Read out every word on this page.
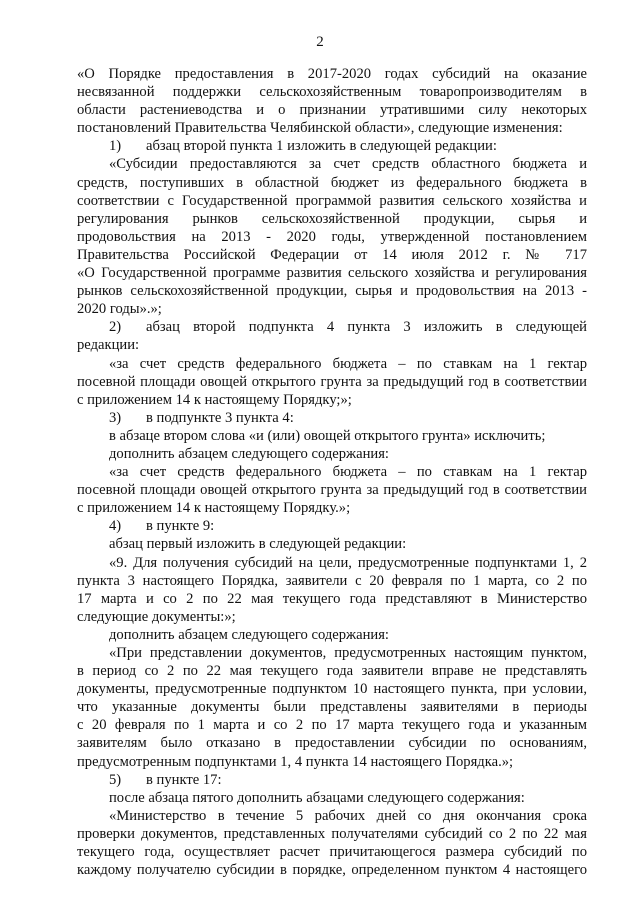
2
«О Порядке предоставления в 2017-2020 годах субсидий на оказание
несвязанной поддержки сельскохозяйственным товаропроизводителям в
области растениеводства и о признании утратившими силу некоторых
постановлений Правительства Челябинской области», следующие изменения:
1) абзац второй пункта 1 изложить в следующей редакции:
«Субсидии предоставляются за счет средств областного бюджета и
средств, поступивших в областной бюджет из федерального бюджета в
соответствии с Государственной программой развития сельского хозяйства и
регулирования рынков сельскохозяйственной продукции, сырья и
продовольствия на 2013 - 2020 годы, утвержденной постановлением
Правительства Российской Федерации от 14 июля 2012 г. № 717
«О Государственной программе развития сельского хозяйства и регулирования
рынков сельскохозяйственной продукции, сырья и продовольствия на 2013 -
2020 годы».»;
2) абзац второй подпункта 4 пункта 3 изложить в следующей
редакции:
«за счет средств федерального бюджета – по ставкам на 1 гектар
посевной площади овощей открытого грунта за предыдущий год в соответствии
с приложением 14 к настоящему Порядку;»;
3) в подпункте 3 пункта 4:
в абзаце втором слова «и (или) овощей открытого грунта» исключить;
дополнить абзацем следующего содержания:
«за счет средств федерального бюджета – по ставкам на 1 гектар
посевной площади овощей открытого грунта за предыдущий год в соответствии
с приложением 14 к настоящему Порядку.»;
4) в пункте 9:
абзац первый изложить в следующей редакции:
«9. Для получения субсидий на цели, предусмотренные подпунктами 1, 2
пункта 3 настоящего Порядка, заявители с 20 февраля по 1 марта, со 2 по
17 марта и со 2 по 22 мая текущего года представляют в Министерство
следующие документы:»;
дополнить абзацем следующего содержания:
«При представлении документов, предусмотренных настоящим пунктом,
в период со 2 по 22 мая текущего года заявители вправе не представлять
документы, предусмотренные подпунктом 10 настоящего пункта, при условии,
что указанные документы были представлены заявителями в периоды
с 20 февраля по 1 марта и со 2 по 17 марта текущего года и указанным
заявителям было отказано в предоставлении субсидии по основаниям,
предусмотренным подпунктами 1, 4 пункта 14 настоящего Порядка.»;
5) в пункте 17:
после абзаца пятого дополнить абзацами следующего содержания:
«Министерство в течение 5 рабочих дней со дня окончания срока
проверки документов, представленных получателями субсидий со 2 по 22 мая
текущего года, осуществляет расчет причитающегося размера субсидий по
каждому получателю субсидии в порядке, определенном пунктом 4 настоящего
